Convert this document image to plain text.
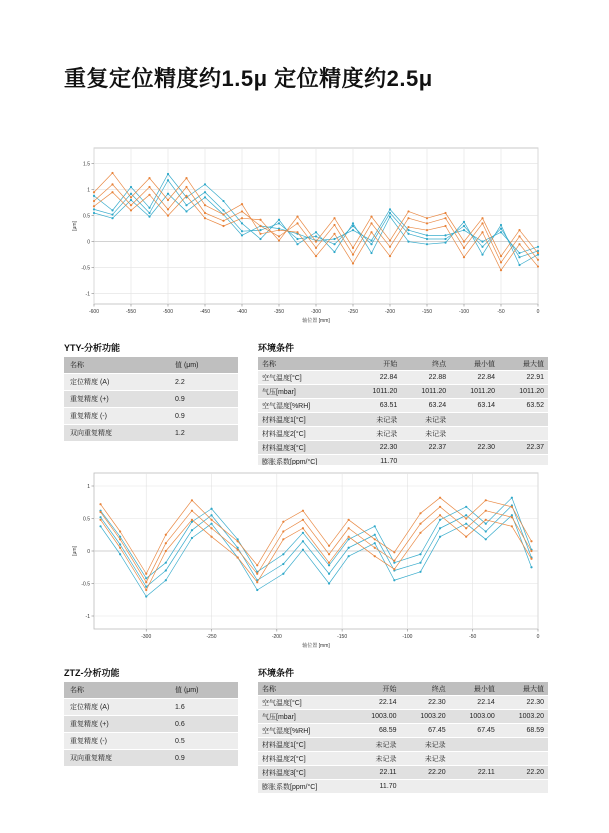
重复定位精度约1.5μ 定位精度约2.5μ
-1
-0.5
0
0.5
1
1.5
-600	-550	-500	-450	-400	-350	-300	-250	-200	-150	-100	-50	0
轴位置 [mm]
[μm]
YTY-分析功能
名称	值 (μm)
定位精度 (A)	2.2
重复精度 (+)	0.9
重复精度 (-)	0.9
双向重复精度	1.2
环境条件
名称	开始	终点	最小值	最大值
空气温度[°C]	22.84	22.88	22.84	22.91
气压[mbar]	1011.20	1011.20	1011.20	1011.20
空气湿度[%RH]	63.51	63.24	63.14	63.52
材料温度1[°C]	未记录	未记录		
材料温度2[°C]	未记录	未记录		
材料温度3[°C]	22.30	22.37	22.30	22.37
膨胀系数[ppm/°C]	11.70			
-1
-0.5
0
0.5
1
-300	-250	-200	-150	-100	-50	0
轴位置 [mm]
[μm]
ZTZ-分析功能
名称	值 (μm)
定位精度 (A)	1.6
重复精度 (+)	0.6
重复精度 (-)	0.5
双向重复精度	0.9
环境条件
名称	开始	终点	最小值	最大值
空气温度[°C]	22.14	22.30	22.14	22.30
气压[mbar]	1003.00	1003.20	1003.00	1003.20
空气湿度[%RH]	68.59	67.45	67.45	68.59
材料温度1[°C]	未记录	未记录		
材料温度2[°C]	未记录	未记录		
材料温度3[°C]	22.11	22.20	22.11	22.20
膨胀系数[ppm/°C]	11.70			
